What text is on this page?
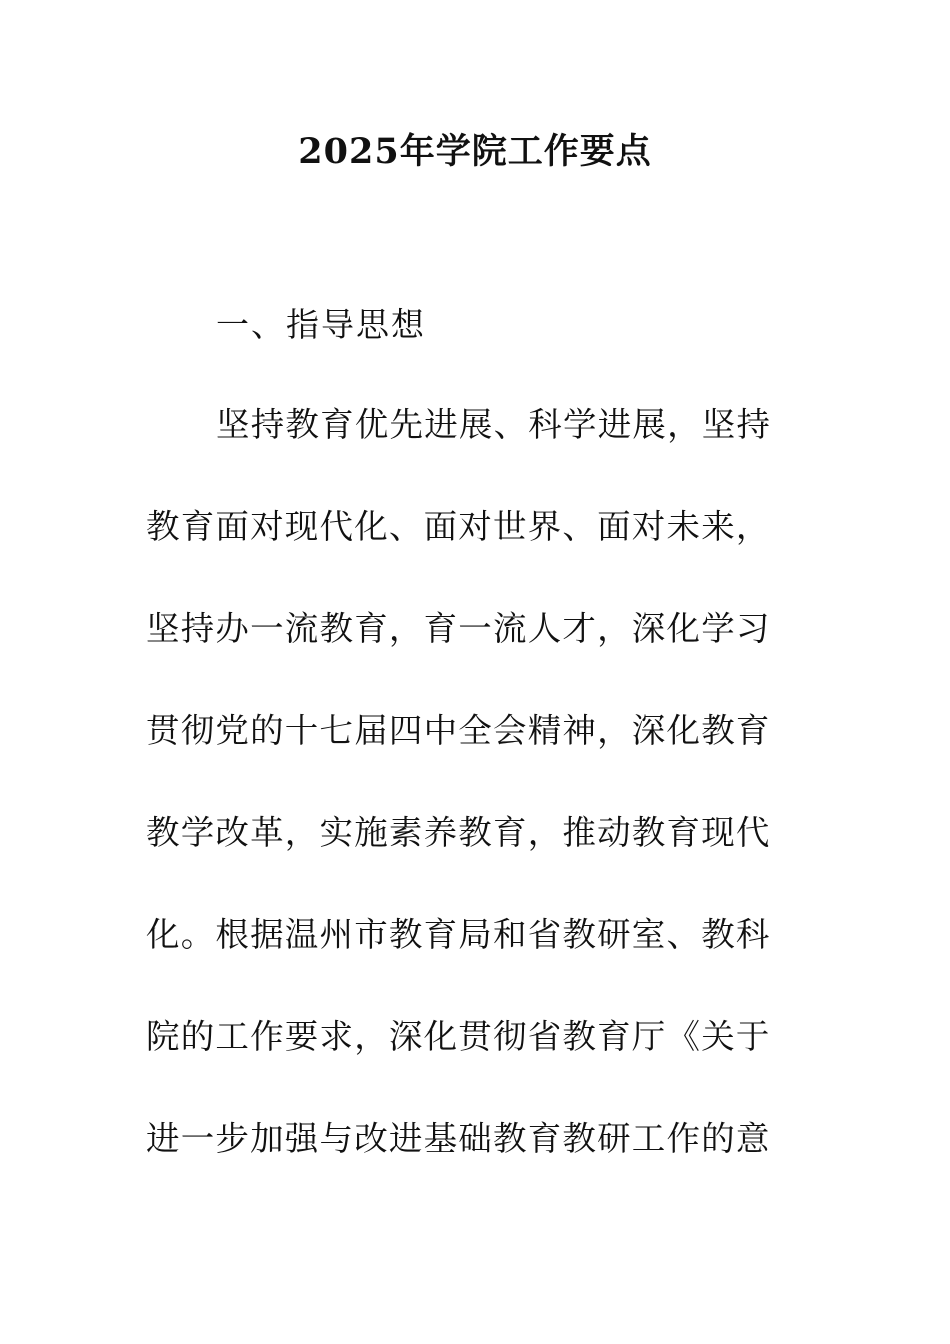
2025年学院工作要点
一、指导思想
坚持教育优先进展、科学进展，坚持
教育面对现代化、面对世界、面对未来，
坚持办一流教育，育一流人才，深化学习
贯彻党的十七届四中全会精神，深化教育
教学改革，实施素养教育，推动教育现代
化。根据温州市教育局和省教研室、教科
院的工作要求，深化贯彻省教育厅《关于
进一步加强与改进基础教育教研工作的意
